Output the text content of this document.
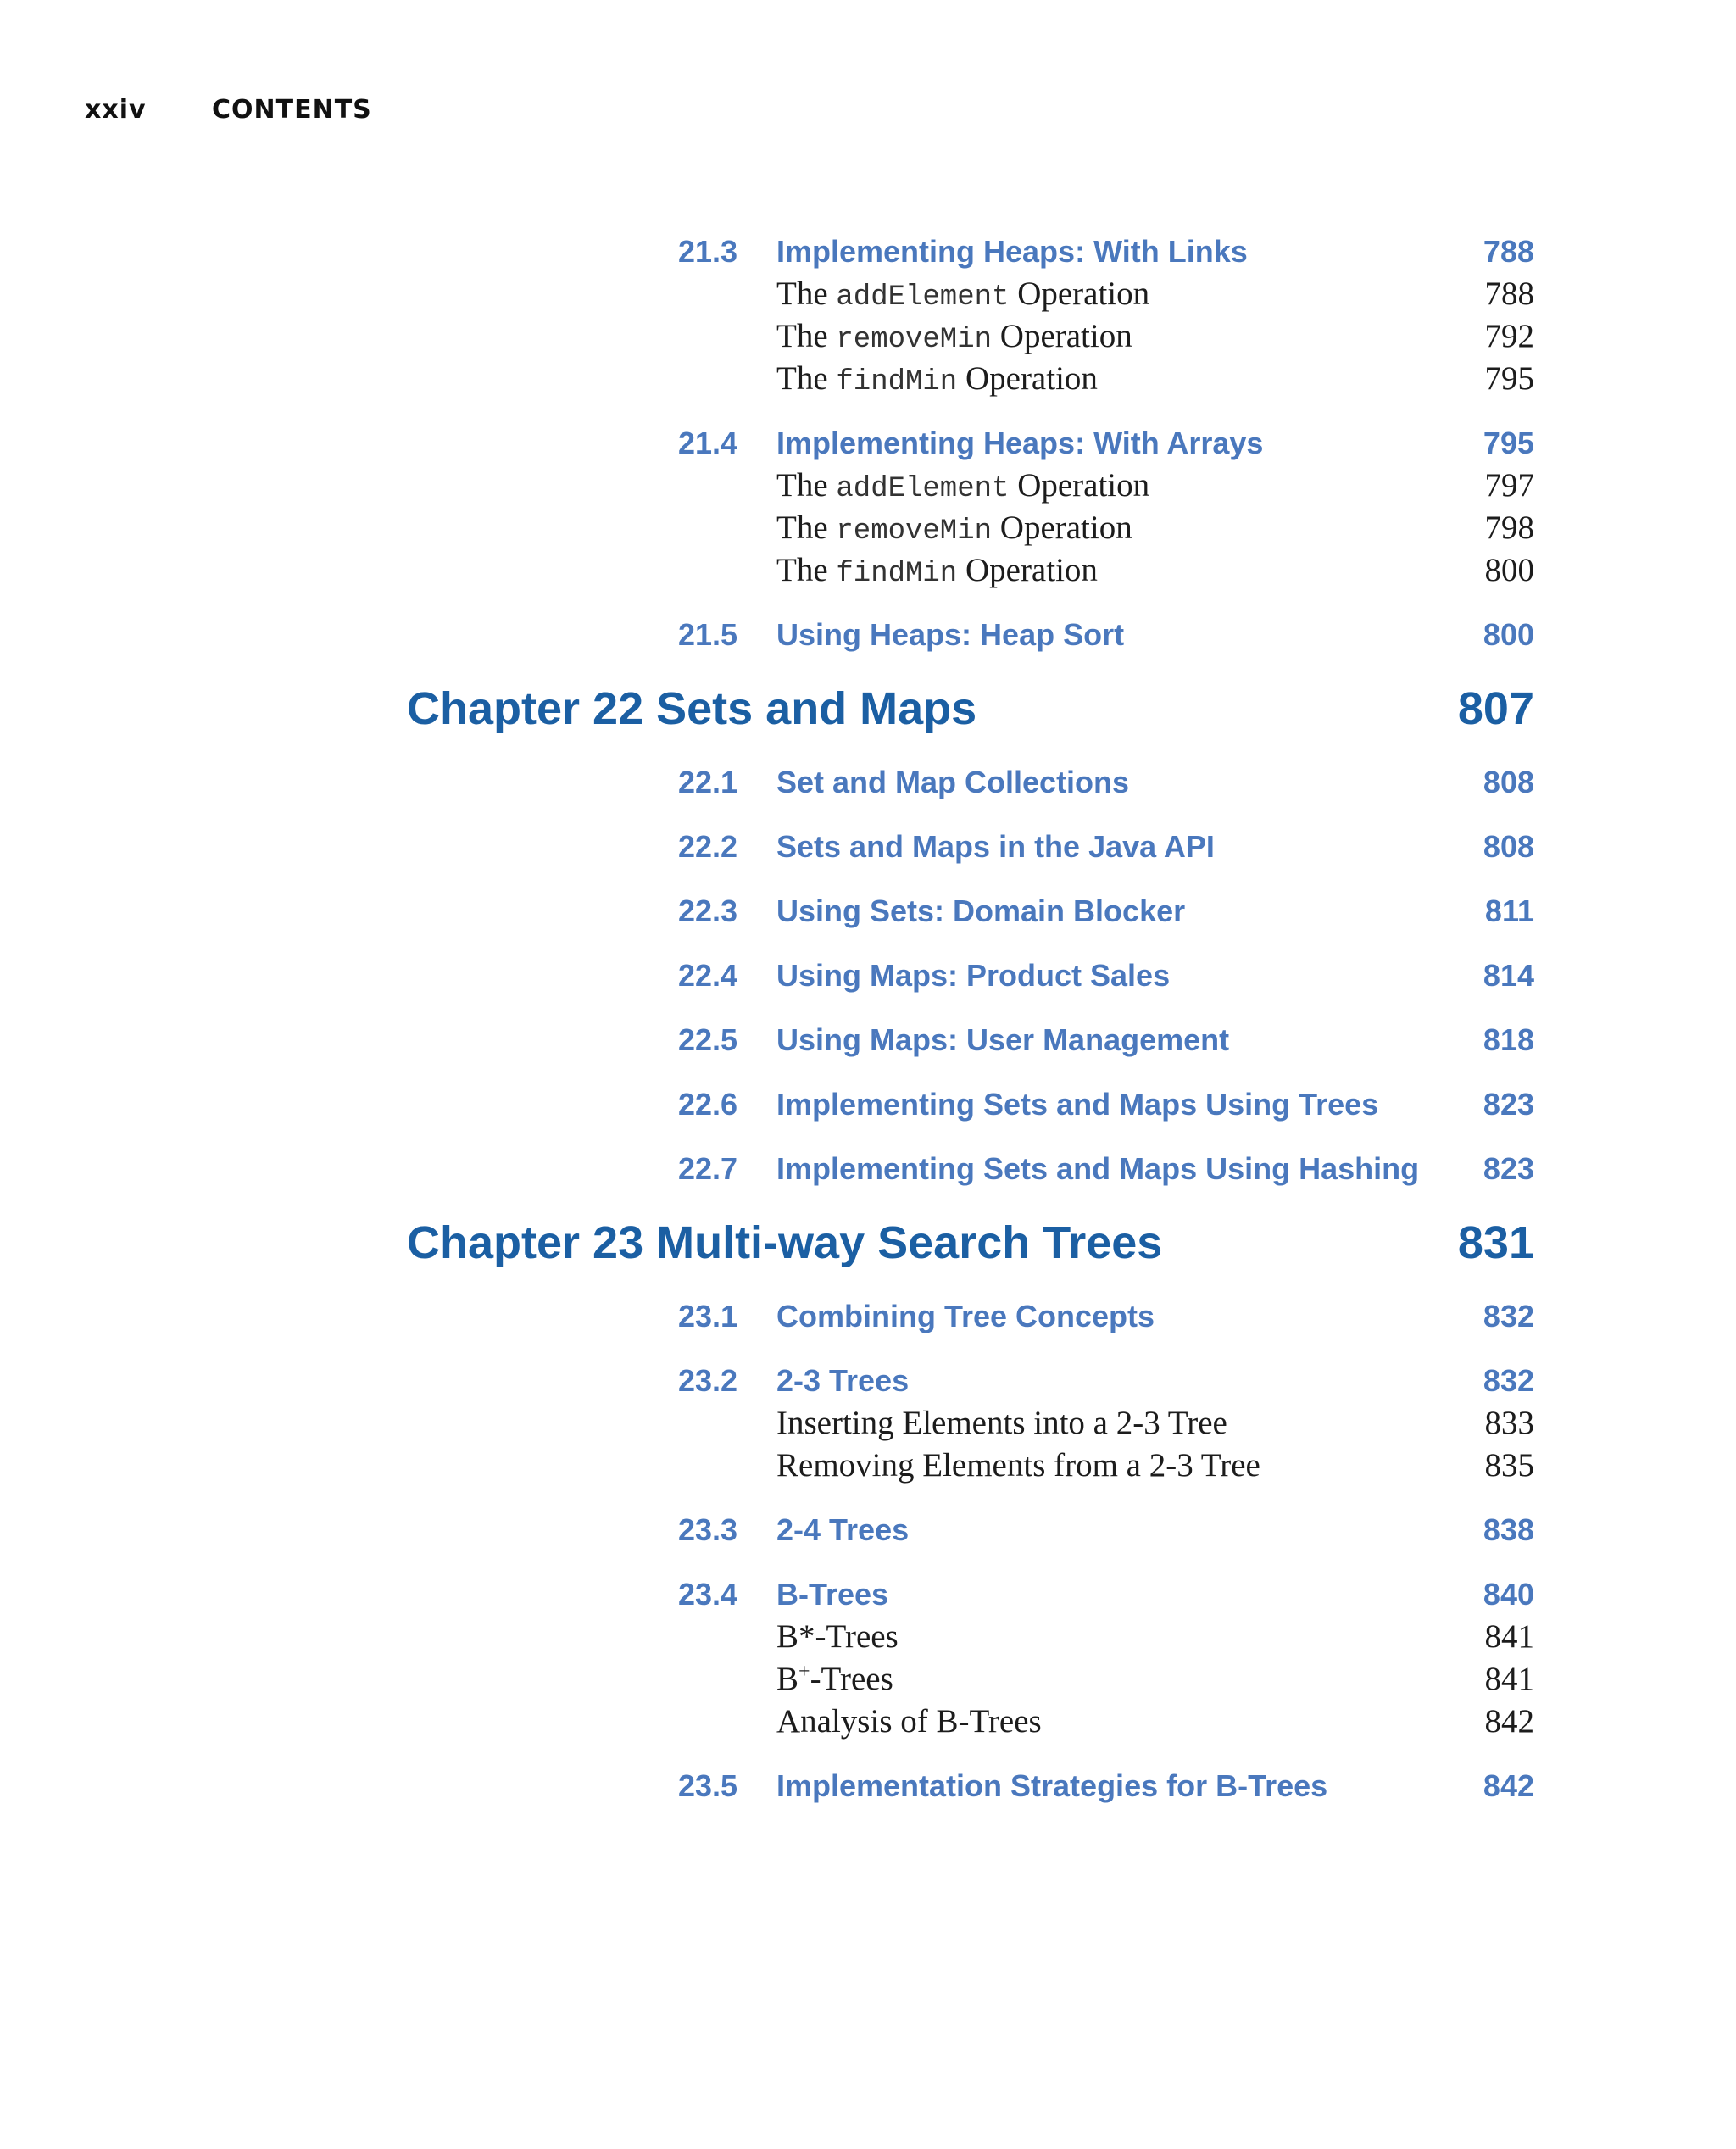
xxiv	CONTENTS
21.3 Implementing Heaps: With Links	788
The addElement Operation	788
The removeMin Operation	792
The findMin Operation	795
21.4 Implementing Heaps: With Arrays	795
The addElement Operation	797
The removeMin Operation	798
The findMin Operation	800
21.5 Using Heaps: Heap Sort	800
Chapter 22 Sets and Maps	807
22.1 Set and Map Collections	808
22.2 Sets and Maps in the Java API	808
22.3 Using Sets: Domain Blocker	811
22.4 Using Maps: Product Sales	814
22.5 Using Maps: User Management	818
22.6 Implementing Sets and Maps Using Trees	823
22.7 Implementing Sets and Maps Using Hashing 823
Chapter 23 Multi-way Search Trees	831
23.1 Combining Tree Concepts	832
23.2 2-3 Trees	832
Inserting Elements into a 2-3 Tree	833
Removing Elements from a 2-3 Tree	835
23.3 2-4 Trees	838
23.4 B-Trees	840
B*-Trees	841
B+-Trees	841
Analysis of B-Trees	842
23.5 Implementation Strategies for B-Trees	842
